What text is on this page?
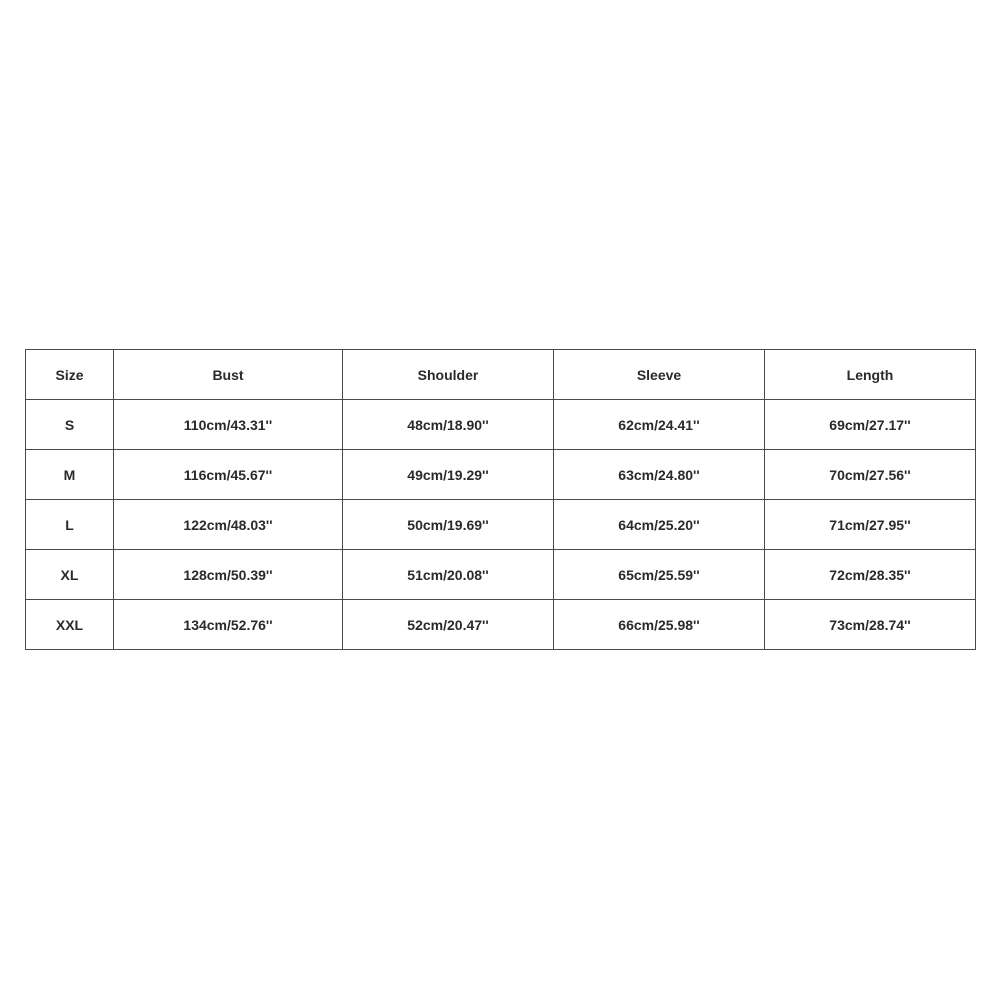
Size	Bust	Shoulder	Sleeve	Length
S	110cm/43.31''	48cm/18.90''	62cm/24.41''	69cm/27.17''
M	116cm/45.67''	49cm/19.29''	63cm/24.80''	70cm/27.56''
L	122cm/48.03''	50cm/19.69''	64cm/25.20''	71cm/27.95''
XL	128cm/50.39''	51cm/20.08''	65cm/25.59''	72cm/28.35''
XXL	134cm/52.76''	52cm/20.47''	66cm/25.98''	73cm/28.74''
